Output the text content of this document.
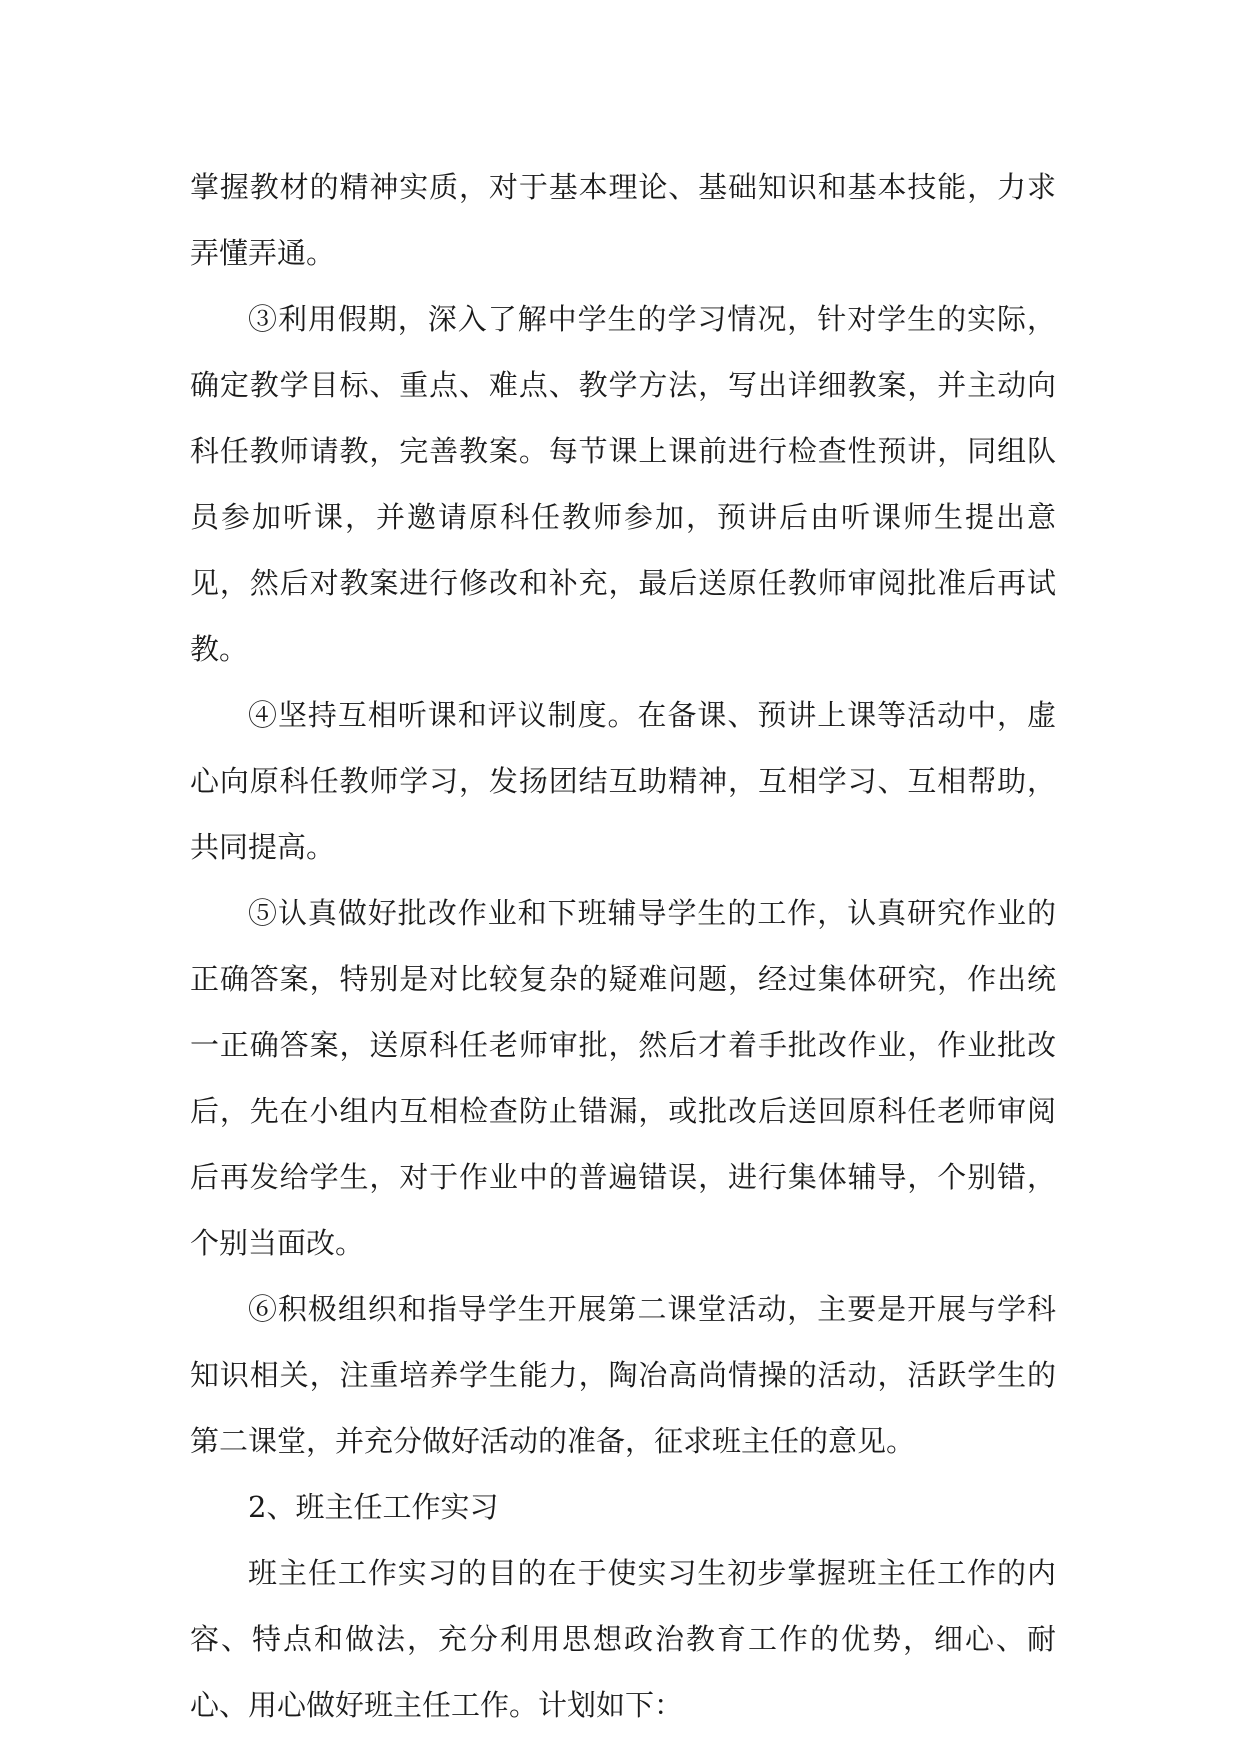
掌握教材的精神实质，对于基本理论、基础知识和基本技能，力求弄懂弄通。

③利用假期，深入了解中学生的学习情况，针对学生的实际，确定教学目标、重点、难点、教学方法，写出详细教案，并主动向科任教师请教，完善教案。每节课上课前进行检查性预讲，同组队员参加听课，并邀请原科任教师参加，预讲后由听课师生提出意见，然后对教案进行修改和补充，最后送原任教师审阅批准后再试教。

④坚持互相听课和评议制度。在备课、预讲上课等活动中，虚心向原科任教师学习，发扬团结互助精神，互相学习、互相帮助，共同提高。

⑤认真做好批改作业和下班辅导学生的工作，认真研究作业的正确答案，特别是对比较复杂的疑难问题，经过集体研究，作出统一正确答案，送原科任老师审批，然后才着手批改作业，作业批改后，先在小组内互相检查防止错漏，或批改后送回原科任老师审阅后再发给学生，对于作业中的普遍错误，进行集体辅导，个别错，个别当面改。

⑥积极组织和指导学生开展第二课堂活动，主要是开展与学科知识相关，注重培养学生能力，陶冶高尚情操的活动，活跃学生的第二课堂，并充分做好活动的准备，征求班主任的意见。

2、班主任工作实习

班主任工作实习的目的在于使实习生初步掌握班主任工作的内容、特点和做法，充分利用思想政治教育工作的优势，细心、耐心、用心做好班主任工作。计划如下：
